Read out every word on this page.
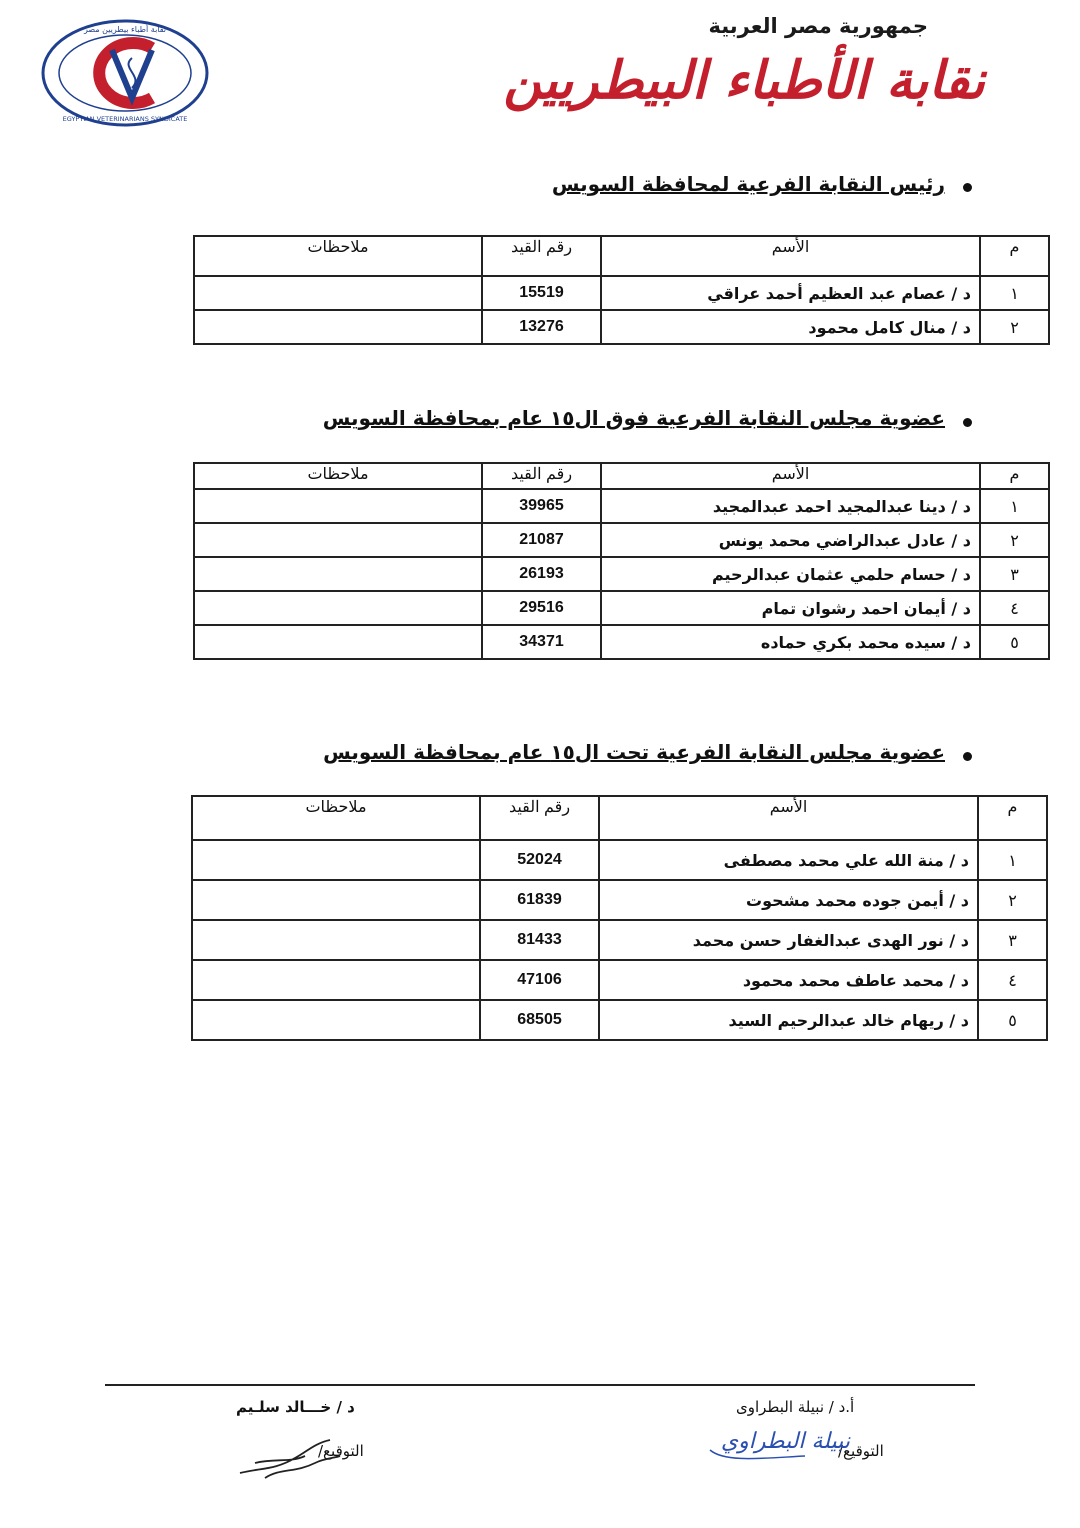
نقابة أطباء بيطريين مصر
EGYPTIAN VETERINARIANS SYNDICATE
جمهورية مصر العربية
نقابة الأطباء البيطريين
رئيس النقابة الفرعية لمحافظة السويس
م	الأسم	رقم القيد	ملاحظات
١	د / عصام عبد العظيم أحمد عراقي	15519	
٢	د / منال كامل محمود	13276	
عضوية مجلس النقابة الفرعية فوق ال١٥ عام بمحافظة السويس
م	الأسم	رقم القيد	ملاحظات
١	د / دينا عبدالمجيد احمد عبدالمجيد	39965	
٢	د / عادل عبدالراضي محمد يونس	21087	
٣	د / حسام حلمي عثمان عبدالرحيم	26193	
٤	د / أيمان احمد رشوان تمام	29516	
٥	د / سيده محمد بكري حماده	34371	
عضوية مجلس النقابة الفرعية تحت ال١٥ عام بمحافظة السويس
م	الأسم	رقم القيد	ملاحظات
١	د / منة الله علي محمد مصطفى	52024	
٢	د / أيمن جوده محمد مشحوت	61839	
٣	د / نور الهدى عبدالغفار حسن محمد	81433	
٤	د / محمد عاطف محمد محمود	47106	
٥	د / ريهام خالد عبدالرحيم السيد	68505	
د / خـــالد سلـيم
التوقيع/
أ.د / نبيلة البطراوى
التوقيع/
نبيلة البطراوي
